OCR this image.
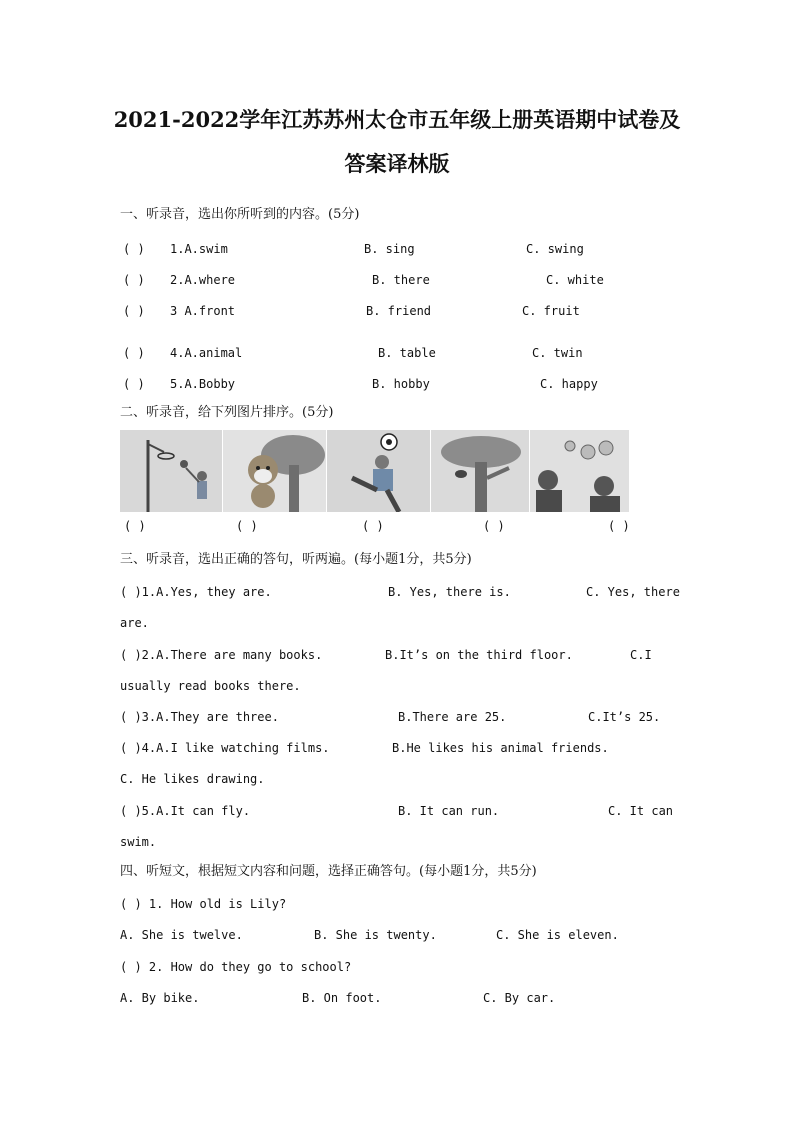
2021-2022学年江苏苏州太仓市五年级上册英语期中试卷及
答案译林版
一、听录音，选出你所听到的内容。(5分)
( ) 1.A.swim	B. sing	C. swing
( ) 2.A.where	B. there	C. white
( ) 3 A.front	B. friend	C. fruit
( ) 4.A.animal	B. table	C. twin
( ) 5.A.Bobby	B. hobby	C. happy
二、听录音，给下列图片排序。(5分)
( )	( )	( )	( )	( )
三、听录音，选出正确的答句，听两遍。(每小题1分，共5分)
( )1.A.Yes, they are.	B. Yes, there is.	C. Yes, there
are.
( )2.A.There are many books.	B.It’s on the third floor.	C.I
usually read books there.
( )3.A.They are three.	B.There are 25.	C.It’s 25.
( )4.A.I like watching films.	B.He likes his animal friends.
C. He likes drawing.
( )5.A.It can fly.	B. It can run.	C. It can
swim.
四、听短文，根据短文内容和问题，选择正确答句。(每小题1分，共5分)
( ) 1. How old is Lily?
A. She is twelve.	B. She is twenty.	C. She is eleven.
( ) 2. How do they go to school?
A. By bike.	B. On foot.	C. By car.
